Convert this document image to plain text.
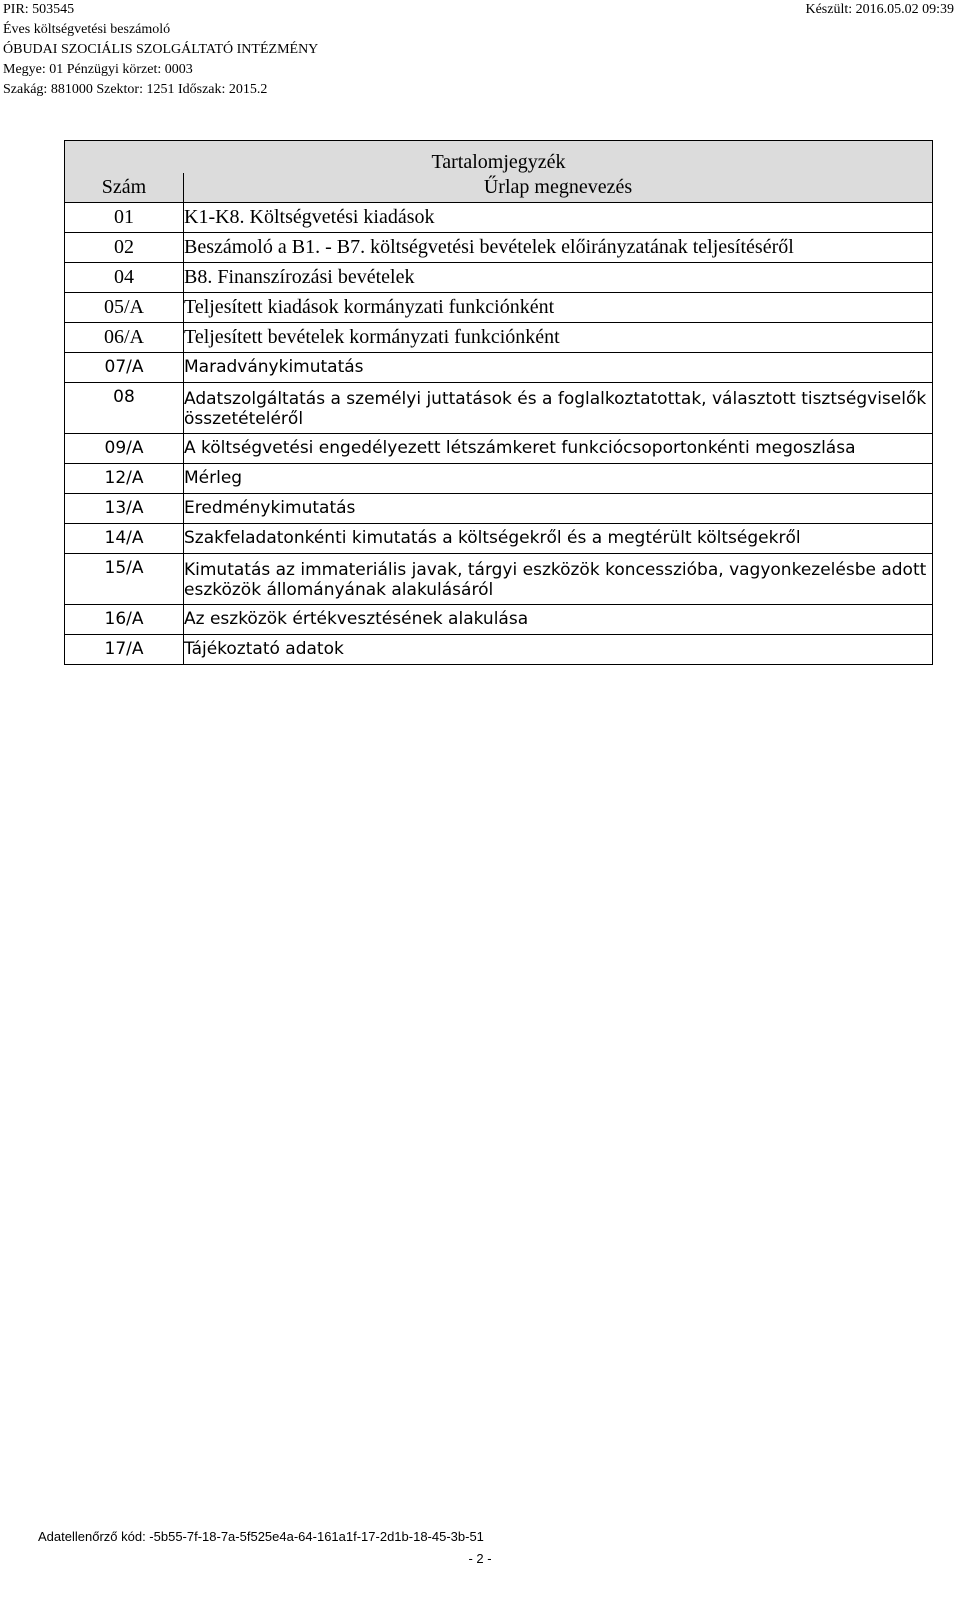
PIR: 503545
Éves költségvetési beszámoló
ÓBUDAI SZOCIÁLIS SZOLGÁLTATÓ INTÉZMÉNY
Megye: 01 Pénzügyi körzet: 0003
Szakág: 881000 Szektor: 1251 Időszak: 2015.2
Készült: 2016.05.02 09:39
Tartalomjegyzék	
Szám	Űrlap megnevezés
01	K1-K8. Költségvetési kiadások
02	Beszámoló a B1. - B7. költségvetési bevételek előirányzatának teljesítéséről
04	B8. Finanszírozási bevételek
05/A	Teljesített kiadások kormányzati funkciónként
06/A	Teljesített bevételek kormányzati funkciónként
07/A	Maradványkimutatás
08	Adatszolgáltatás a személyi juttatások és a foglalkoztatottak, választott tisztségviselők összetételéről
09/A	A költségvetési engedélyezett létszámkeret funkciócsoportonkénti megoszlása
12/A	Mérleg
13/A	Eredménykimutatás
14/A	Szakfeladatonkénti kimutatás a költségekről és a megtérült költségekről
15/A	Kimutatás az immateriális javak, tárgyi eszközök koncesszióba, vagyonkezelésbe adott eszközök állományának alakulásáról
16/A	Az eszközök értékvesztésének alakulása
17/A	Tájékoztató adatok
Adatellenőrző kód: -5b55-7f-18-7a-5f525e4a-64-161a1f-17-2d1b-18-45-3b-51
- 2 -
